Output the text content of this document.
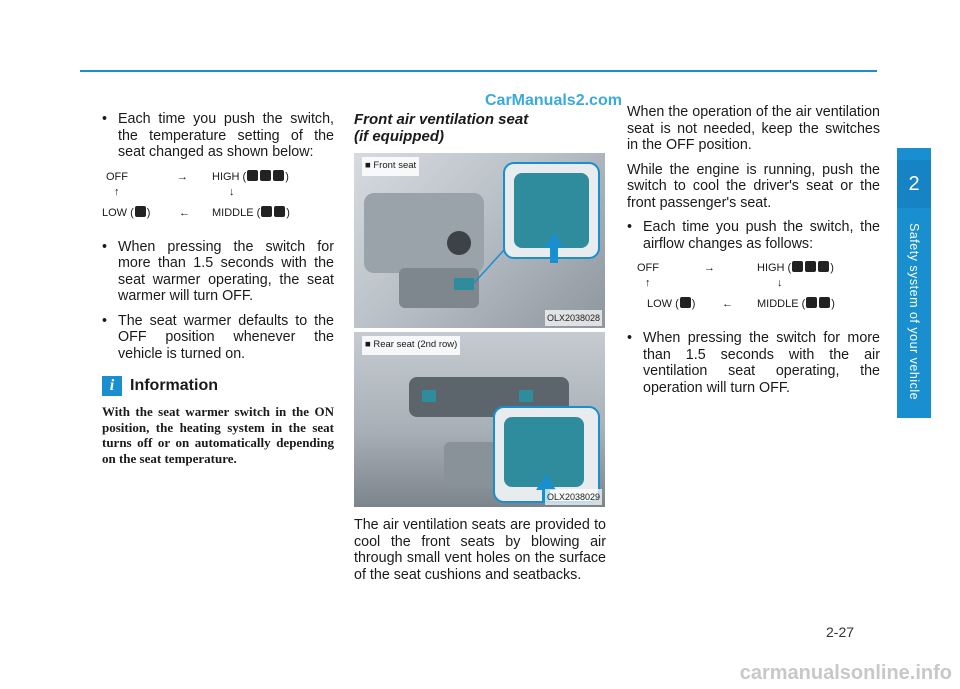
CarManuals2.com
2
Safety system of your vehicle
• Each time you push the switch, the temperature setting of the seat changed as shown below:
OFF	→ HIGH (	)
↑	↓
LOW ( )	← MIDDLE ( )
• When pressing the switch for more than 1.5 seconds with the seat warmer operating, the seat warmer will turn OFF.
• The seat warmer defaults to the OFF position whenever the vehicle is turned on.
i Information
With the seat warmer switch in the ON position, the heating system in the seat turns off or on automatically depending on the seat temperature.
Front air ventilation seat
(if equipped)
■ Front seat
OLX2038028
■ Rear seat (2nd row)
OLX2038029
The air ventilation seats are provided to cool the front seats by blowing air through small vent holes on the surface of the seat cushions and seatbacks.
When the operation of the air ventilation seat is not needed, keep the switches in the OFF position.
While the engine is running, push the switch to cool the driver's seat or the front passenger's seat.
• Each time you push the switch, the airflow changes as follows:
OFF	→	HIGH (	)
↑	↓
LOW ( ) ← MIDDLE ( )
• When pressing the switch for more than 1.5 seconds with the air ventilation seat operating, the operation will turn OFF.
2-27
carmanualsonline.info
